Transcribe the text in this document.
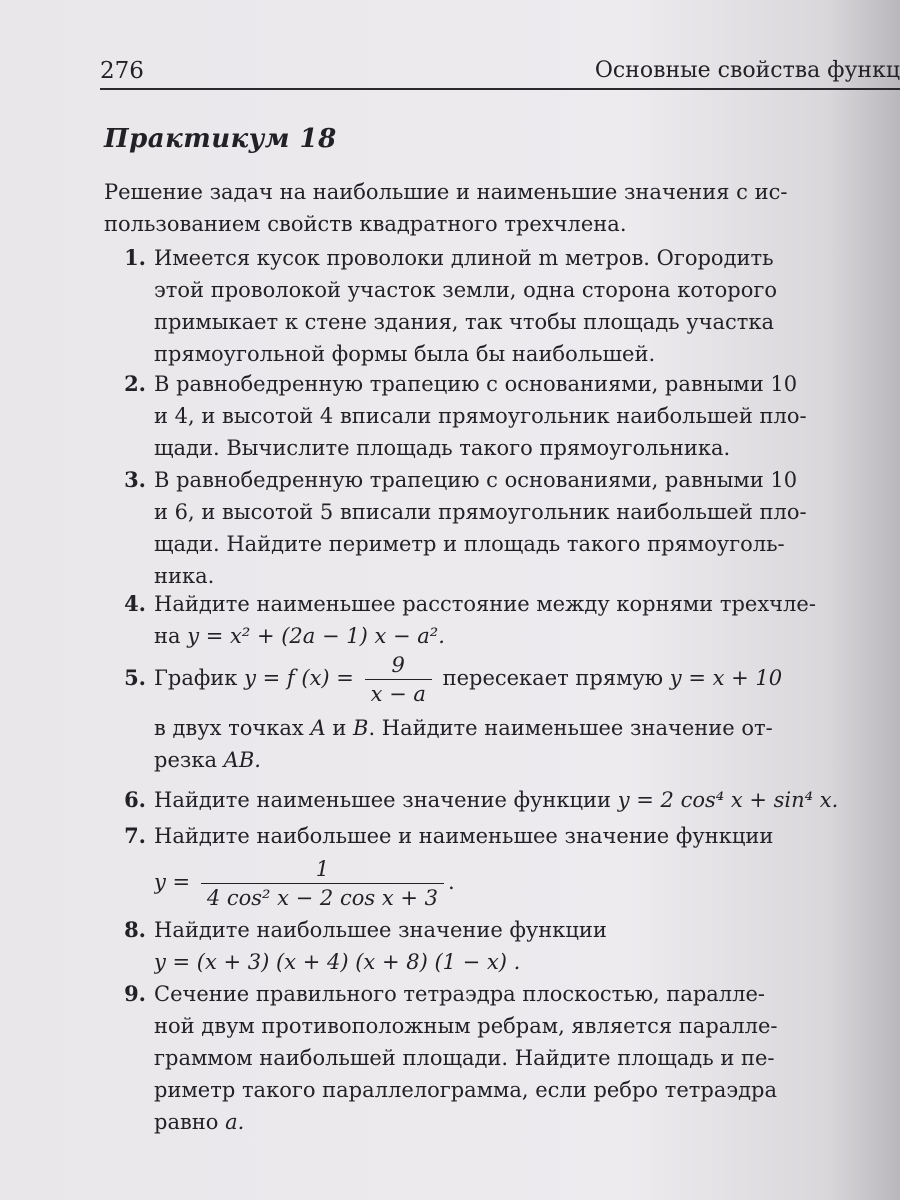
276	Основные свойства функц
Практикум 18
Решение задач на наибольшие и наименьшие значения с ис-
пользованием свойств квадратного трехчлена.
1. Имеется кусок проволоки длиной m метров. Огородить
этой проволокой участок земли, одна сторона которого
примыкает к стене здания, так чтобы площадь участка
прямоугольной формы была бы наибольшей.
2. В равнобедренную трапецию с основаниями, равными 10
и 4, и высотой 4 вписали прямоугольник наибольшей пло-
щади. Вычислите площадь такого прямоугольника.
3. В равнобедренную трапецию с основаниями, равными 10
и 6, и высотой 5 вписали прямоугольник наибольшей пло-
щади. Найдите периметр и площадь такого прямоуголь-
ника.
4. Найдите наименьшее расстояние между корнями трехчле-
на y = x² + (2a − 1) x − a².
5. График y = f $(x) = \frac{9}{x - a}$ пересекает прямую y = x + 10
в двух точках A и B. Найдите наименьшее значение от-
резка AB.
6. Найдите наименьшее значение функции y = 2 cos⁴ x + sin⁴ x.
7. Найдите наибольшее и наименьшее значение функции
$y = \frac{1}{\text{4 cos² x − 2 cos x + 3}}$ .
8. Найдите наибольшее значение функции
y = (x + 3) (x + 4) (x + 8) (1 − x) .
9. Сечение правильного тетраэдра плоскостью, паралле-
ной двум противоположным ребрам, является паралле-
граммом наибольшей площади. Найдите площадь и пе-
риметр такого параллелограмма, если ребро тетраэдра
равно a.
